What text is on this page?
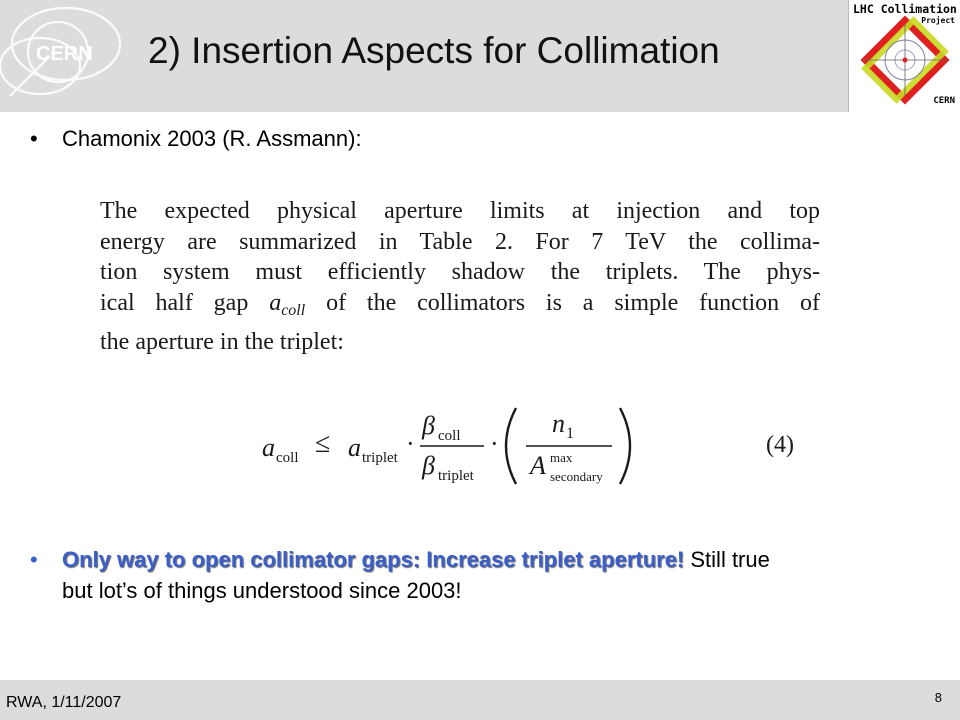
CERN 2) Insertion Aspects for Collimation
LHC Collimation
Project
CERN
• Chamonix 2003 (R. Assmann):
The expected physical aperture limits at injection and top
energy are summarized in Table 2. For 7 TeV the collima-
tion system must efficiently shadow the triplets. The phys-
ical half gap $a_{coll}$ of the collimators is a simple function of
the aperture in the triplet:
a coll ≤ a triplet ·
β coll
β triplet
·
n 1
A max
secondary
(4)
• Only way to open collimator gaps: Increase triplet aperture! Still true
but lot’s of things understood since 2003!
RWA, 1/11/2007	8
